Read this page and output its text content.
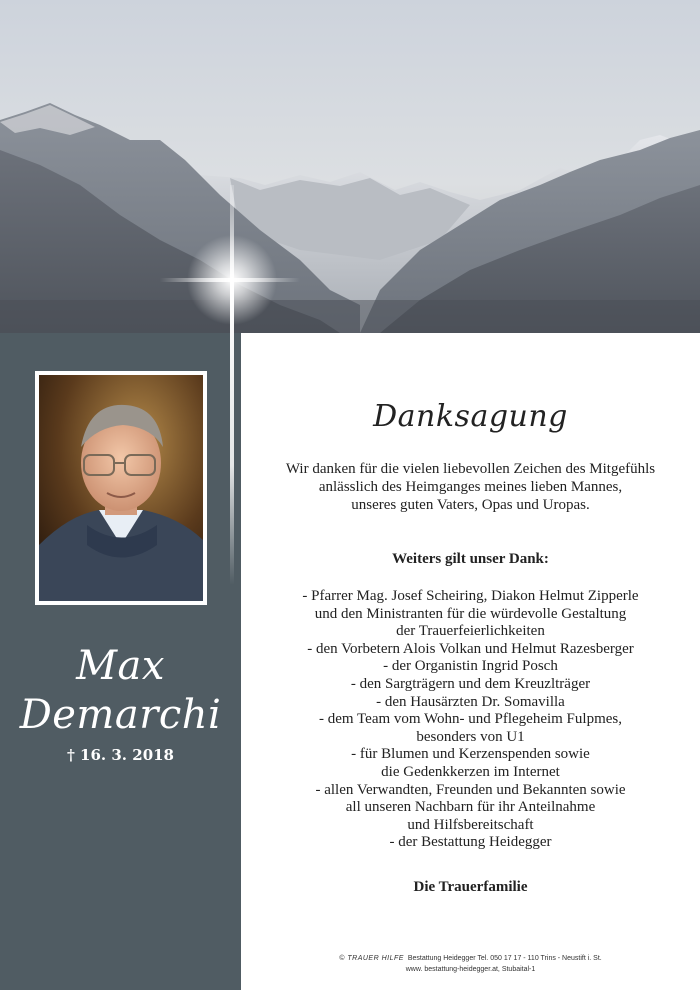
Max
Demarchi
† 16. 3. 2018
Danksagung
Wir danken für die vielen liebevollen Zeichen des Mitgefühls
anlässlich des Heimganges meines lieben Mannes,
unseres guten Vaters, Opas und Uropas.
Weiters gilt unser Dank:
- Pfarrer Mag. Josef Scheiring, Diakon Helmut Zipperle
und den Ministranten für die würdevolle Gestaltung
der Trauerfeierlichkeiten
- den Vorbetern Alois Volkan und Helmut Razesberger
- der Organistin Ingrid Posch
- den Sargträgern und dem Kreuzlträger
- den Hausärzten Dr. Somavilla
- dem Team vom Wohn- und Pflegeheim Fulpmes,
besonders von U1
- für Blumen und Kerzenspenden sowie
die Gedenkkerzen im Internet
- allen Verwandten, Freunden und Bekannten sowie
all unseren Nachbarn für ihr Anteilnahme
und Hilfsbereitschaft
- der Bestattung Heidegger
Die Trauerfamilie
© TRAUER HILFE Bestattung Heidegger Tel. 050 17 17 - 110 Trins - Neustift i. St.
www. bestattung-heidegger.at, Stubaital-1
